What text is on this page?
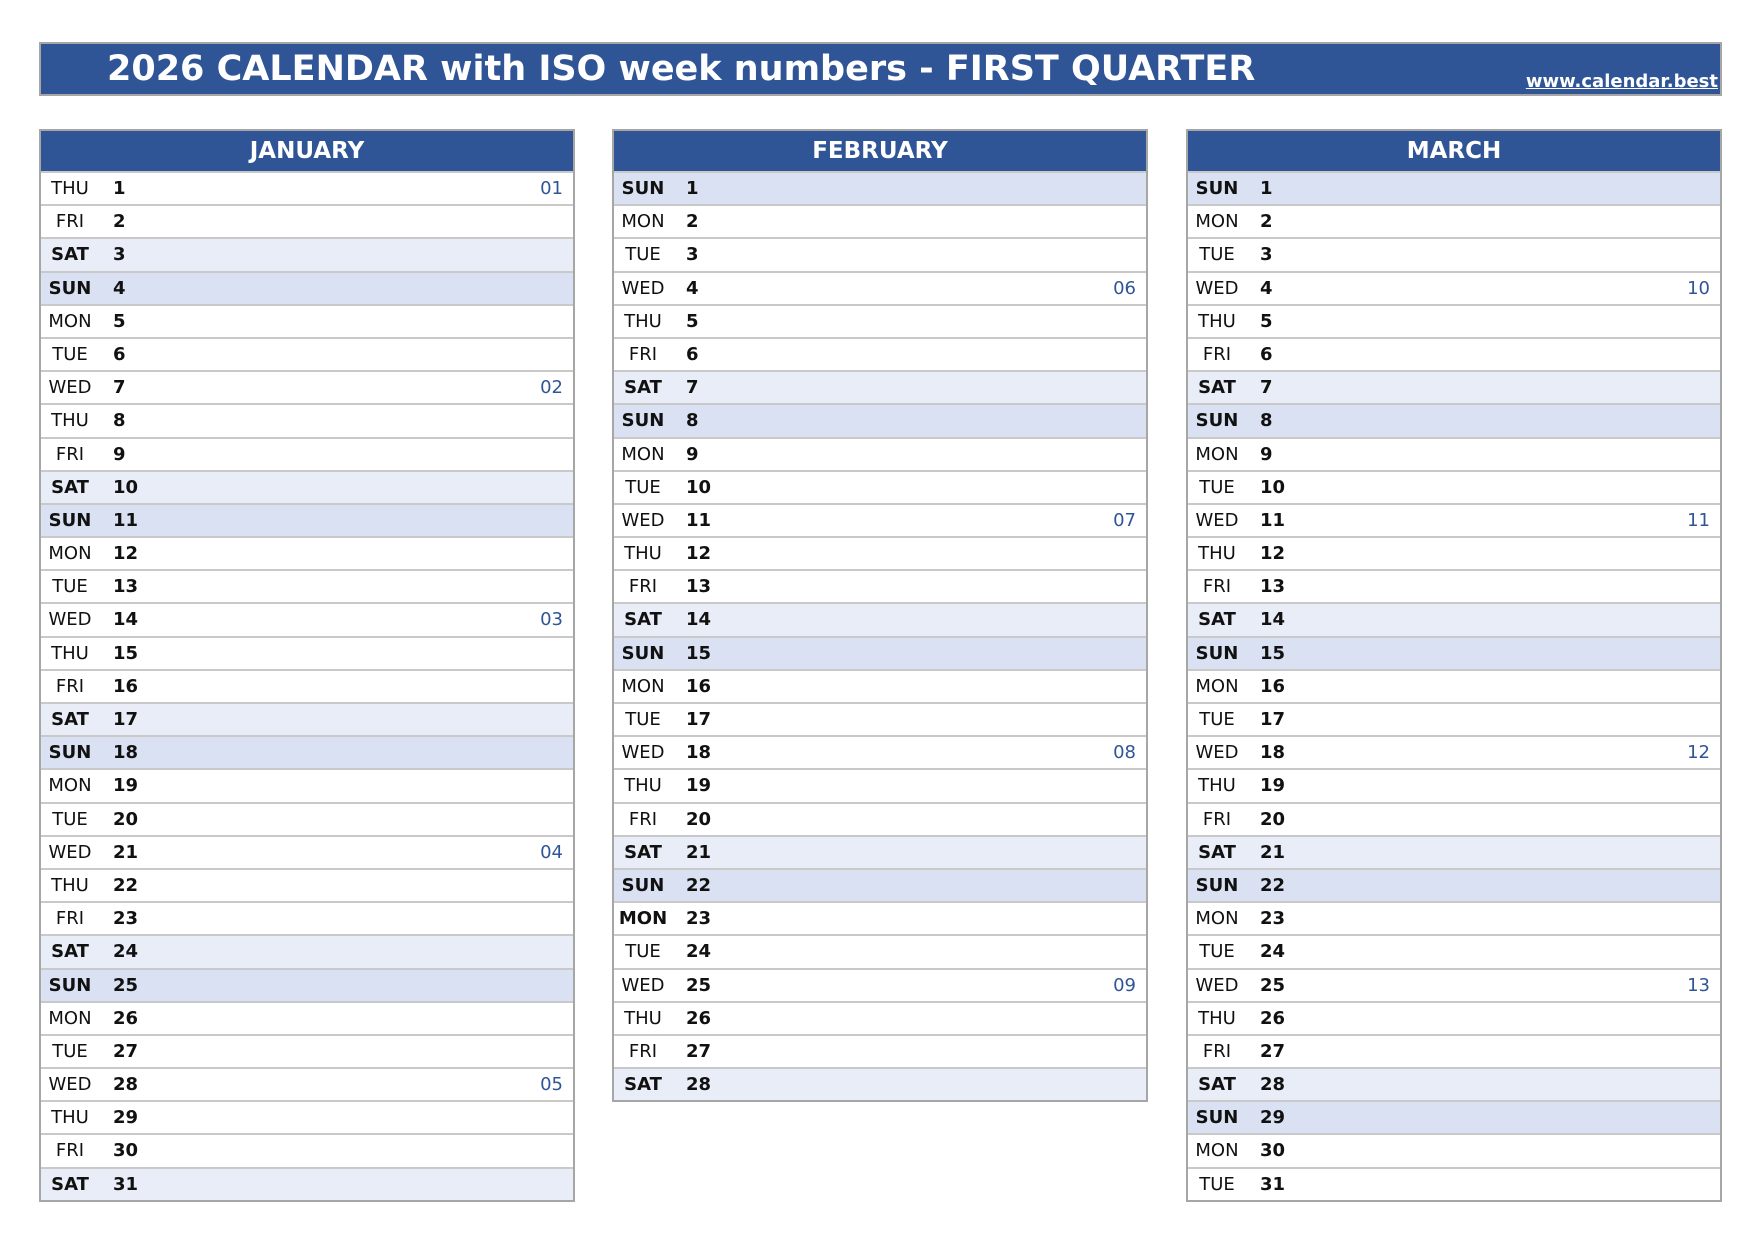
2026 CALENDAR with ISO week numbers - FIRST QUARTER	www.calendar.best
JANUARY
THU	1	01
FRI	2
SAT	3
SUN	4
MON	5
TUE	6
WED	7	02
THU	8
FRI	9
SAT	10
SUN	11
MON	12
TUE	13
WED	14	03
THU	15
FRI	16
SAT	17
SUN	18
MON	19
TUE	20
WED	21	04
THU	22
FRI	23
SAT	24
SUN	25
MON	26
TUE	27
WED	28	05
THU	29
FRI	30
SAT	31
FEBRUARY
SUN	1
MON	2
TUE	3
WED	4	06
THU	5
FRI	6
SAT	7
SUN	8
MON	9
TUE	10
WED	11	07
THU	12
FRI	13
SAT	14
SUN	15
MON	16
TUE	17
WED	18	08
THU	19
FRI	20
SAT	21
SUN	22
MON 23
TUE	24
WED	25	09
THU	26
FRI	27
SAT	28
MARCH
SUN	1
MON	2
TUE	3
WED	4	10
THU	5
FRI	6
SAT	7
SUN	8
MON	9
TUE	10
WED	11	11
THU	12
FRI	13
SAT	14
SUN	15
MON	16
TUE	17
WED	18	12
THU	19
FRI	20
SAT	21
SUN	22
MON	23
TUE	24
WED	25	13
THU	26
FRI	27
SAT	28
SUN	29
MON	30
TUE	31
